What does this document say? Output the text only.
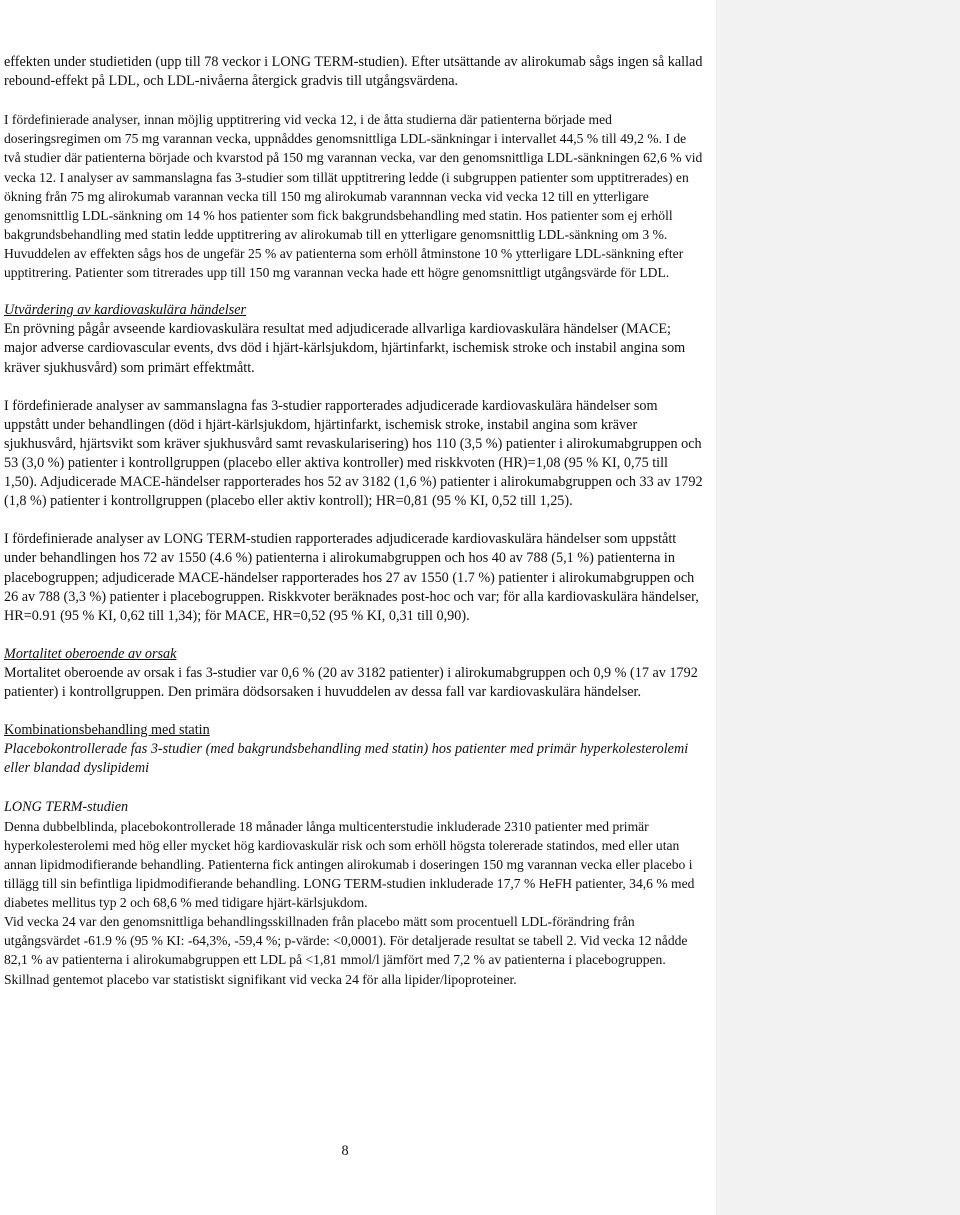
effekten under studietiden (upp till 78 veckor i LONG TERM-studien). Efter utsättande av alirokumab sågs ingen så kallad rebound-effekt på LDL, och LDL-nivåerna återgick gradvis till utgångsvärdena.

I fördefinierade analyser, innan möjlig upptitrering vid vecka 12, i de åtta studierna där patienterna började med doseringsregimen om 75 mg varannan vecka, uppnåddes genomsnittliga LDL-sänkningar i intervallet 44,5 % till 49,2 %. I de två studier där patienterna började och kvarstod på 150 mg varannan vecka, var den genomsnittliga LDL-sänkningen 62,6 % vid vecka 12. I analyser av sammanslagna fas 3-studier som tillät upptitrering ledde (i subgruppen patienter som upptitrerades) en ökning från 75 mg alirokumab varannan vecka till 150 mg alirokumab varannnan vecka vid vecka 12 till en ytterligare genomsnittlig LDL-sänkning om 14 % hos patienter som fick bakgrundsbehandling med statin. Hos patienter som ej erhöll bakgrundsbehandling med statin ledde upptitrering av alirokumab till en ytterligare genomsnittlig LDL-sänkning om 3 %. Huvuddelen av effekten sågs hos de ungefär 25 % av patienterna som erhöll åtminstone 10 % ytterligare LDL-sänkning efter upptitrering. Patienter som titrerades upp till 150 mg varannan vecka hade ett högre genomsnittligt utgångsvärde för LDL.

Utvärdering av kardiovaskulära händelser

En prövning pågår avseende kardiovaskulära resultat med adjudicerade allvarliga kardiovaskulära händelser (MACE; major adverse cardiovascular events, dvs död i hjärt-kärlsjukdom, hjärtinfarkt, ischemisk stroke och instabil angina som kräver sjukhusvård) som primärt effektmått.

I fördefinierade analyser av sammanslagna fas 3-studier rapporterades adjudicerade kardiovaskulära händelser som uppstått under behandlingen (död i hjärt-kärlsjukdom, hjärtinfarkt, ischemisk stroke, instabil angina som kräver sjukhusvård, hjärtsvikt som kräver sjukhusvård samt revaskularisering) hos 110 (3,5 %) patienter i alirokumabgruppen och 53 (3,0 %) patienter i kontrollgruppen (placebo eller aktiva kontroller) med riskkvoten (HR)=1,08 (95 % KI, 0,75 till 1,50). Adjudicerade MACE-händelser rapporterades hos 52 av 3182 (1,6 %) patienter i alirokumabgruppen och 33 av 1792 (1,8 %) patienter i kontrollgruppen (placebo eller aktiv kontroll); HR=0,81 (95 % KI, 0,52 till 1,25).

I fördefinierade analyser av LONG TERM-studien rapporterades adjudicerade kardiovaskulära händelser som uppstått under behandlingen hos 72 av 1550 (4.6 %) patienterna i alirokumabgruppen och hos 40 av 788 (5,1 %) patienterna in placebogruppen; adjudicerade MACE-händelser rapporterades hos 27 av 1550 (1.7 %) patienter i alirokumabgruppen och 26 av 788 (3,3 %) patienter i placebogruppen. Riskkvoter beräknades post-hoc och var; för alla kardiovaskulära händelser, HR=0.91 (95 % KI, 0,62 till 1,34); för MACE, HR=0,52 (95 % KI, 0,31 till 0,90).

Mortalitet oberoende av orsak

Mortalitet oberoende av orsak i fas 3-studier var 0,6 % (20 av 3182 patienter) i alirokumabgruppen och 0,9 % (17 av 1792 patienter) i kontrollgruppen. Den primära dödsorsaken i huvuddelen av dessa fall var kardiovaskulära händelser.

Kombinationsbehandling med statin

Placebokontrollerade fas 3-studier (med bakgrundsbehandling med statin) hos patienter med primär hyperkolesterolemi eller blandad dyslipidemi

LONG TERM-studien

Denna dubbelblinda, placebokontrollerade 18 månader långa multicenterstudie inkluderade 2310 patienter med primär hyperkolesterolemi med hög eller mycket hög kardiovaskulär risk och som erhöll högsta tolererade statindos, med eller utan annan lipidmodifierande behandling. Patienterna fick antingen alirokumab i doseringen 150 mg varannan vecka eller placebo i tillägg till sin befintliga lipidmodifierande behandling. LONG TERM-studien inkluderade 17,7 % HeFH patienter, 34,6 % med diabetes mellitus typ 2 och 68,6 % med tidigare hjärt-kärlsjukdom.

Vid vecka 24 var den genomsnittliga behandlingsskillnaden från placebo mätt som procentuell LDL-förändring från utgångsvärdet -61.9 % (95 % KI: -64,3%, -59,4 %; p-värde: <0,0001). För detaljerade resultat se tabell 2. Vid vecka 12 nådde 82,1 % av patienterna i alirokumabgruppen ett LDL på <1,81 mmol/l jämfört med 7,2 % av patienterna i placebogruppen. Skillnad gentemot placebo var statistiskt signifikant vid vecka 24 för alla lipider/lipoproteiner.

8
